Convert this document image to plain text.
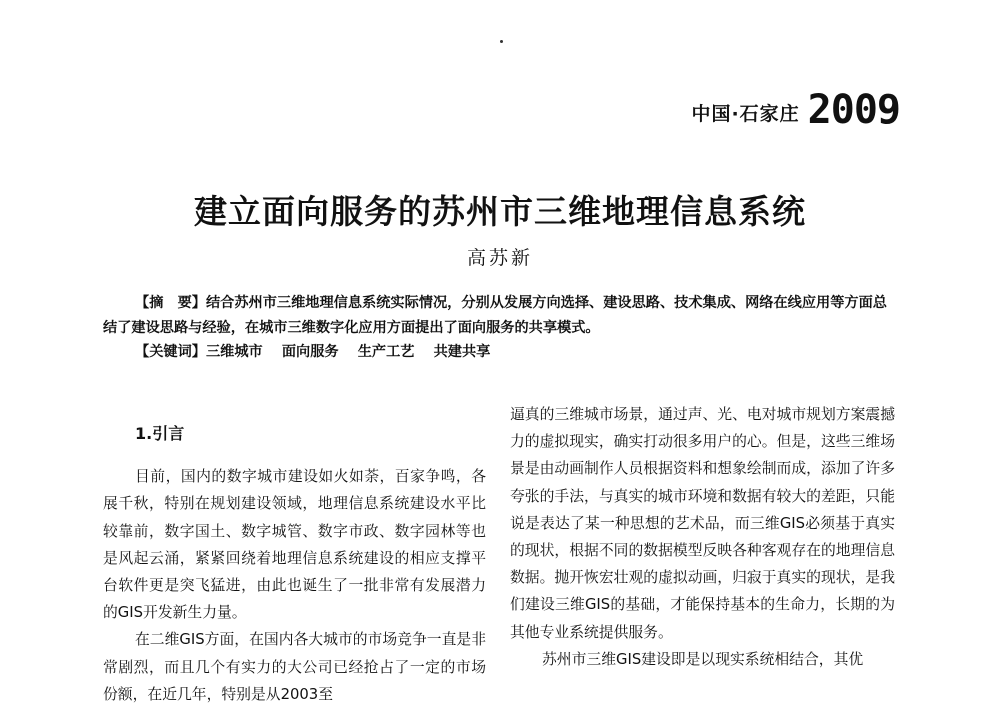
中国·石家庄 2009
建立面向服务的苏州市三维地理信息系统
高苏新
【摘　要】结合苏州市三维地理信息系统实际情况，分别从发展方向选择、建设思路、技术集成、网络在线应用等方面总结了建设思路与经验，在城市三维数字化应用方面提出了面向服务的共享模式。
【关键词】三维城市　 面向服务　 生产工艺　 共建共享
1.引言

目前，国内的数字城市建设如火如荼，百家争鸣，各展千秋，特别在规划建设领域，地理信息系统建设水平比较靠前，数字国土、数字城管、数字市政、数字园林等也是风起云涌，紧紧回绕着地理信息系统建设的相应支撑平台软件更是突飞猛进，由此也诞生了一批非常有发展潜力的GIS开发新生力量。

在二维GIS方面，在国内各大城市的市场竞争一直是非常剧烈，而且几个有实力的大公司已经抢占了一定的市场份额，在近几年，特别是从2003至

逼真的三维城市场景，通过声、光、电对城市规划方案震撼力的虚拟现实，确实打动很多用户的心。但是，这些三维场景是由动画制作人员根据资料和想象绘制而成，添加了许多夸张的手法，与真实的城市环境和数据有较大的差距，只能说是表达了某一种思想的艺术品，而三维GIS必须基于真实的现状，根据不同的数据模型反映各种客观存在的地理信息数据。抛开恢宏壮观的虚拟动画，归寂于真实的现状，是我们建设三维GIS的基础，才能保持基本的生命力，长期的为其他专业系统提供服务。

苏州市三维GIS建设即是以现实系统相结合，其优
